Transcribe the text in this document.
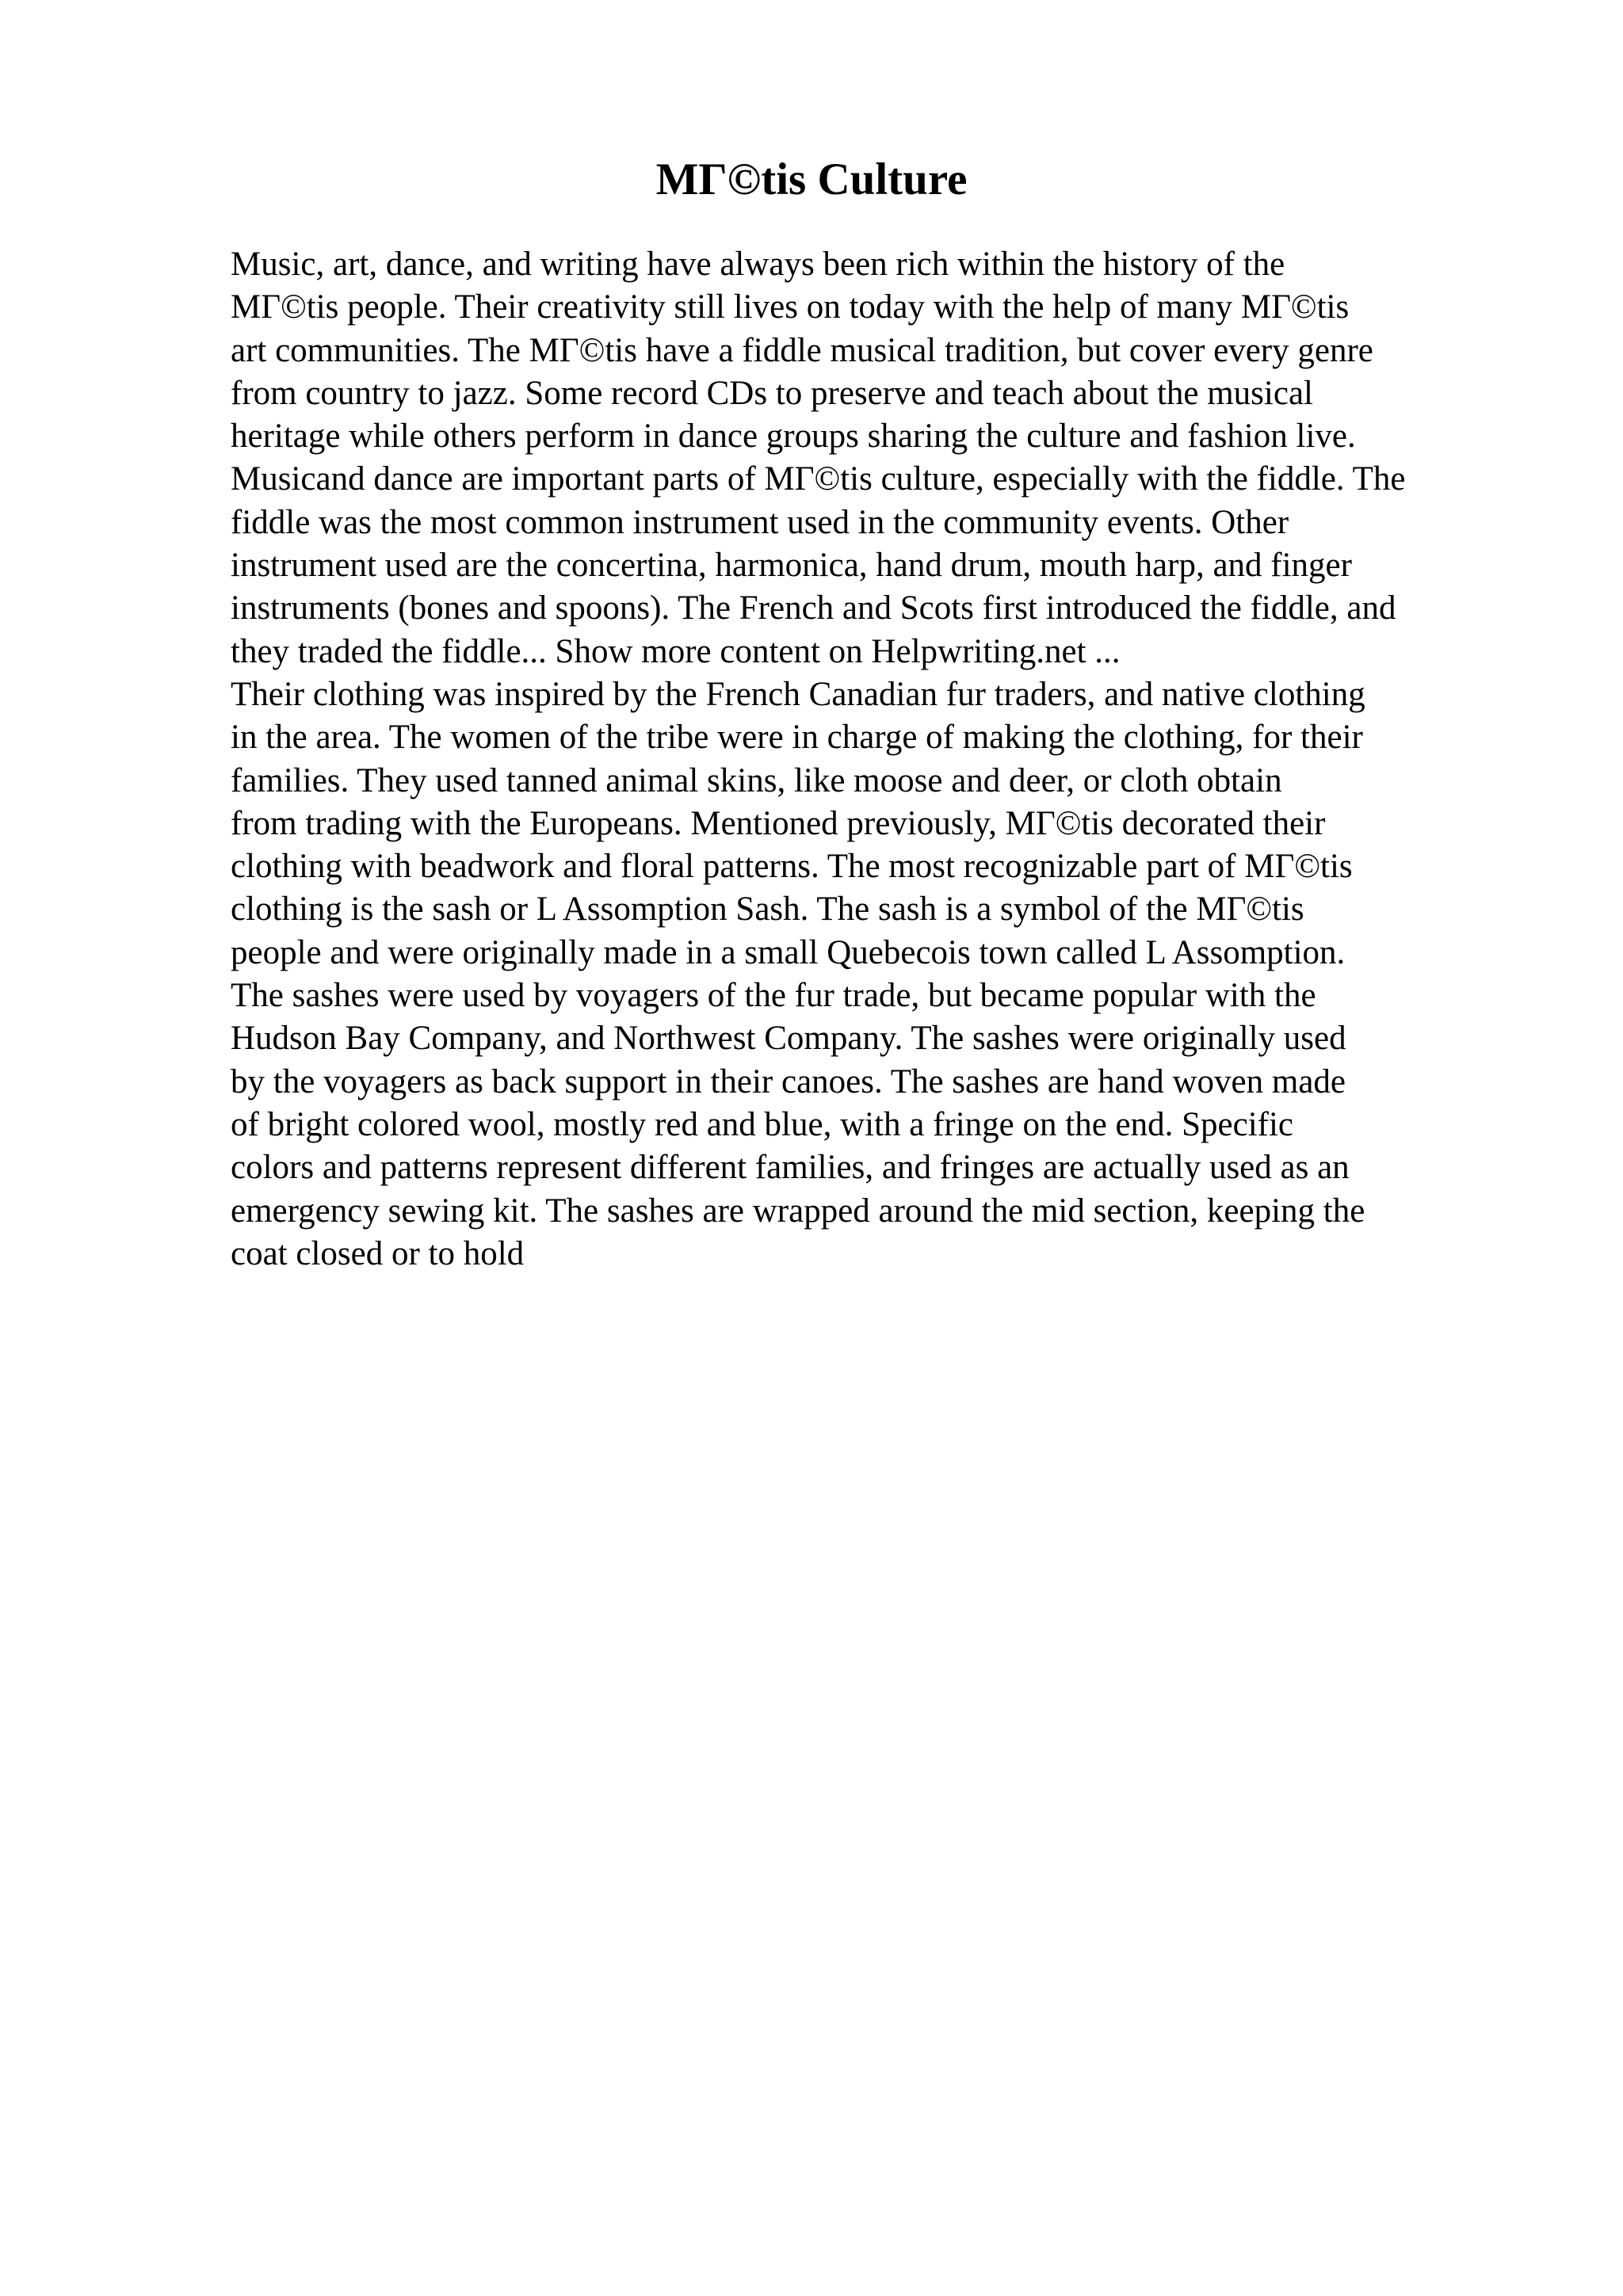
MΓ©tis Culture
Music, art, dance, and writing have always been rich within the history of the
MΓ©tis people. Their creativity still lives on today with the help of many MΓ©tis
art communities. The MΓ©tis have a fiddle musical tradition, but cover every genre
from country to jazz. Some record CDs to preserve and teach about the musical
heritage while others perform in dance groups sharing the culture and fashion live.
Musicand dance are important parts of MΓ©tis culture, especially with the fiddle. The
fiddle was the most common instrument used in the community events. Other
instrument used are the concertina, harmonica, hand drum, mouth harp, and finger
instruments (bones and spoons). The French and Scots first introduced the fiddle, and
they traded the fiddle... Show more content on Helpwriting.net ...
Their clothing was inspired by the French Canadian fur traders, and native clothing
in the area. The women of the tribe were in charge of making the clothing, for their
families. They used tanned animal skins, like moose and deer, or cloth obtain
from trading with the Europeans. Mentioned previously, MΓ©tis decorated their
clothing with beadwork and floral patterns. The most recognizable part of MΓ©tis
clothing is the sash or L Assomption Sash. The sash is a symbol of the MΓ©tis
people and were originally made in a small Quebecois town called L Assomption.
The sashes were used by voyagers of the fur trade, but became popular with the
Hudson Bay Company, and Northwest Company. The sashes were originally used
by the voyagers as back support in their canoes. The sashes are hand woven made
of bright colored wool, mostly red and blue, with a fringe on the end. Specific
colors and patterns represent different families, and fringes are actually used as an
emergency sewing kit. The sashes are wrapped around the mid section, keeping the
coat closed or to hold
